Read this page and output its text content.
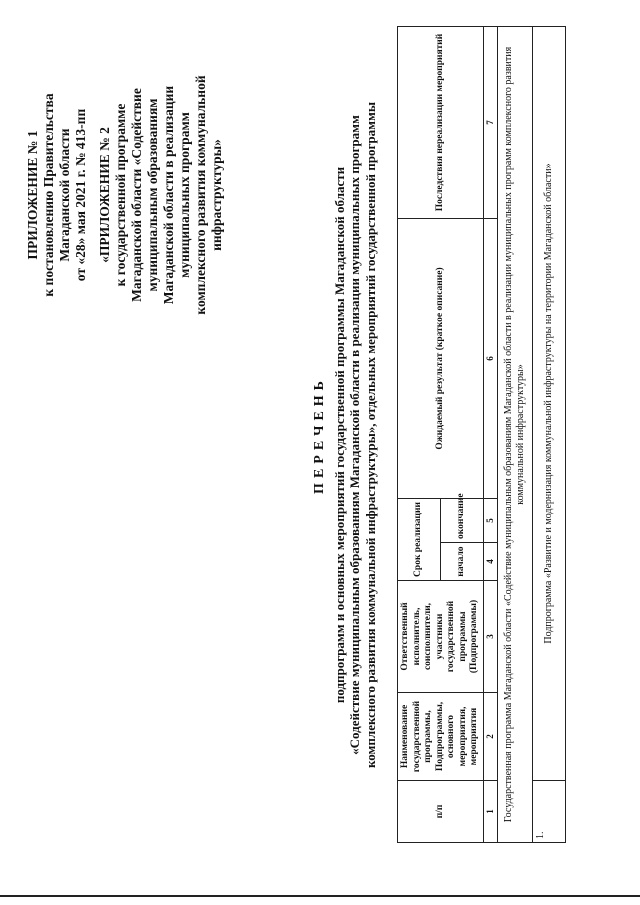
ПРИЛОЖЕНИЕ № 1 к постановлению Правительства Магаданской области от «28» мая 2021 г. № 413-пп «ПРИЛОЖЕНИЕ № 2 к государственной программе Магаданской области «Содействие муниципальным образованиям Магаданской области в реализации муниципальных программ комплексного развития коммунальной инфраструктуры»
ПЕРЕЧЕНЬ подпрограмм и основных мероприятий государственной программы Магаданской области «Содействие муниципальным образованиям Магаданской области в реализации муниципальных программ комплексного развития коммунальной инфраструктуры», отдельных мероприятий государственной программы
п/п	Наименование государственной программы, Подпрограммы, основного мероприятия, мероприятия	Ответственный исполнитель, соисполнители, участники государственной программы (Подпрограммы)	Срок реализации		Ожидаемый результат (краткое описание)	Последствия нереализации мероприятий
			начало	окончание		
1	2	3	4	5	6	7
Государственная программа Магаданской области «Содействие муниципальным образованиям Магаданской области в реализации муниципальных программ комплексного развития коммунальной инфраструктуры»						
1.	Подпрограмма «Развитие и модернизация коммунальной инфраструктуры на территории Магаданской области»					
